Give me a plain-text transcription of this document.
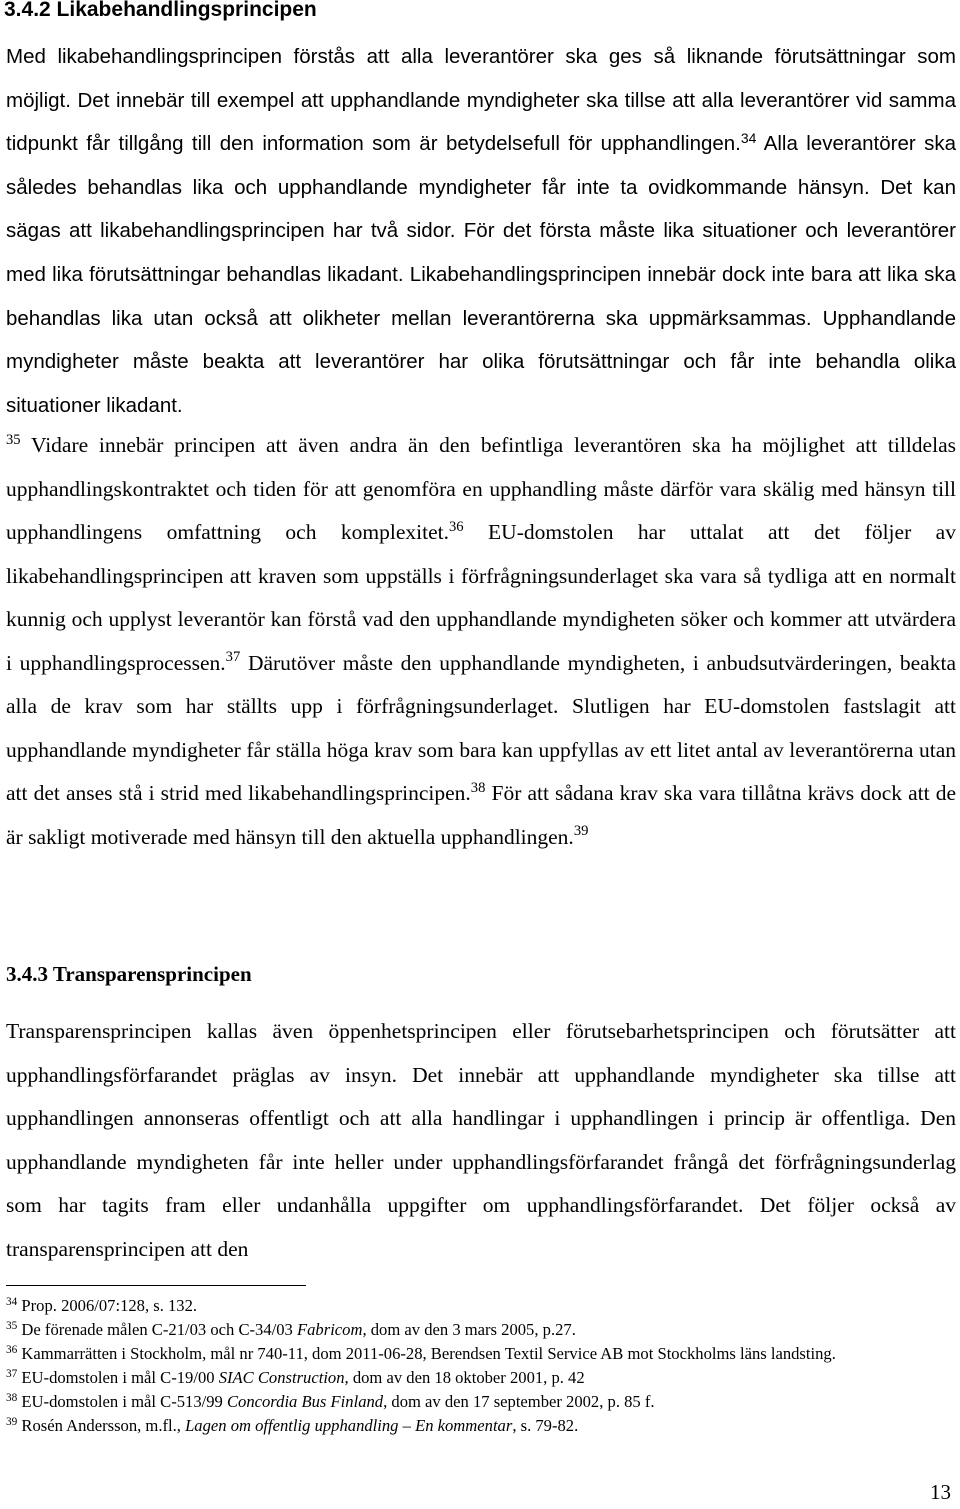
3.4.2 Likabehandlingsprincipen

Med likabehandlingsprincipen förstås att alla leverantörer ska ges så liknande förutsättningar som möjligt. Det innebär till exempel att upphandlande myndigheter ska tillse att alla leverantörer vid samma tidpunkt får tillgång till den information som är betydelsefull för upphandlingen.$^{34}$ Alla leverantörer ska således behandlas lika och upphandlande myndigheter får inte ta ovidkommande hänsyn. Det kan sägas att likabehandlingsprincipen har två sidor. För det första måste lika situationer och leverantörer med lika förutsättningar behandlas likadant. Likabehandlingsprincipen innebär dock inte bara att lika ska behandlas lika utan också att olikheter mellan leverantörerna ska uppmärksammas. Upphandlande myndigheter måste beakta att leverantörer har olika förutsättningar och får inte behandla olika situationer likadant.

$^{35}$ Vidare innebär principen att även andra än den befintliga leverantören ska ha möjlighet att tilldelas upphandlingskontraktet och tiden för att genomföra en upphandling måste därför vara skälig med hänsyn till upphandlingens omfattning och komplexitet.$^{36}$ EU-domstolen har uttalat att det följer av likabehandlingsprincipen att kraven som uppställs i förfrågningsunderlaget ska vara så tydliga att en normalt kunnig och upplyst leverantör kan förstå vad den upphandlande myndigheten söker och kommer att utvärdera i upphandlingsprocessen.$^{37}$ Därutöver måste den upphandlande myndigheten, i anbudsutvärderingen, beakta alla de krav som har ställts upp i förfrågningsunderlaget. Slutligen har EU-domstolen fastslagit att upphandlande myndigheter får ställa höga krav som bara kan uppfyllas av ett litet antal av leverantörerna utan att det anses stå i strid med likabehandlingsprincipen.$^{38}$ För att sådana krav ska vara tillåtna krävs dock att de är sakligt motiverade med hänsyn till den aktuella upphandlingen.$^{39}$

3.4.3 Transparensprincipen

Transparensprincipen kallas även öppenhetsprincipen eller förutsebarhetsprincipen och förutsätter att upphandlingsförfarandet präglas av insyn. Det innebär att upphandlande myndigheter ska tillse att upphandlingen annonseras offentligt och att alla handlingar i upphandlingen i princip är offentliga. Den upphandlande myndigheten får inte heller under upphandlingsförfarandet frångå det förfrågningsunderlag som har tagits fram eller undanhålla uppgifter om upphandlingsförfarandet. Det följer också av transparensprincipen att den

$^{34}$ Prop. 2006/07:128, s. 132.
$^{35}$ De förenade målen C-21/03 och C-34/03 Fabricom, dom av den 3 mars 2005, p.27.
$^{36}$ Kammarrätten i Stockholm, mål nr 740-11, dom 2011-06-28, Berendsen Textil Service AB mot Stockholms läns landsting.
$^{37}$ EU-domstolen i mål C-19/00 SIAC Construction, dom av den 18 oktober 2001, p. 42
$^{38}$ EU-domstolen i mål C-513/99 Concordia Bus Finland, dom av den 17 september 2002, p. 85 f.
$^{39}$ Rosén Andersson, m.fl., Lagen om offentlig upphandling – En kommentar, s. 79-82.
13
